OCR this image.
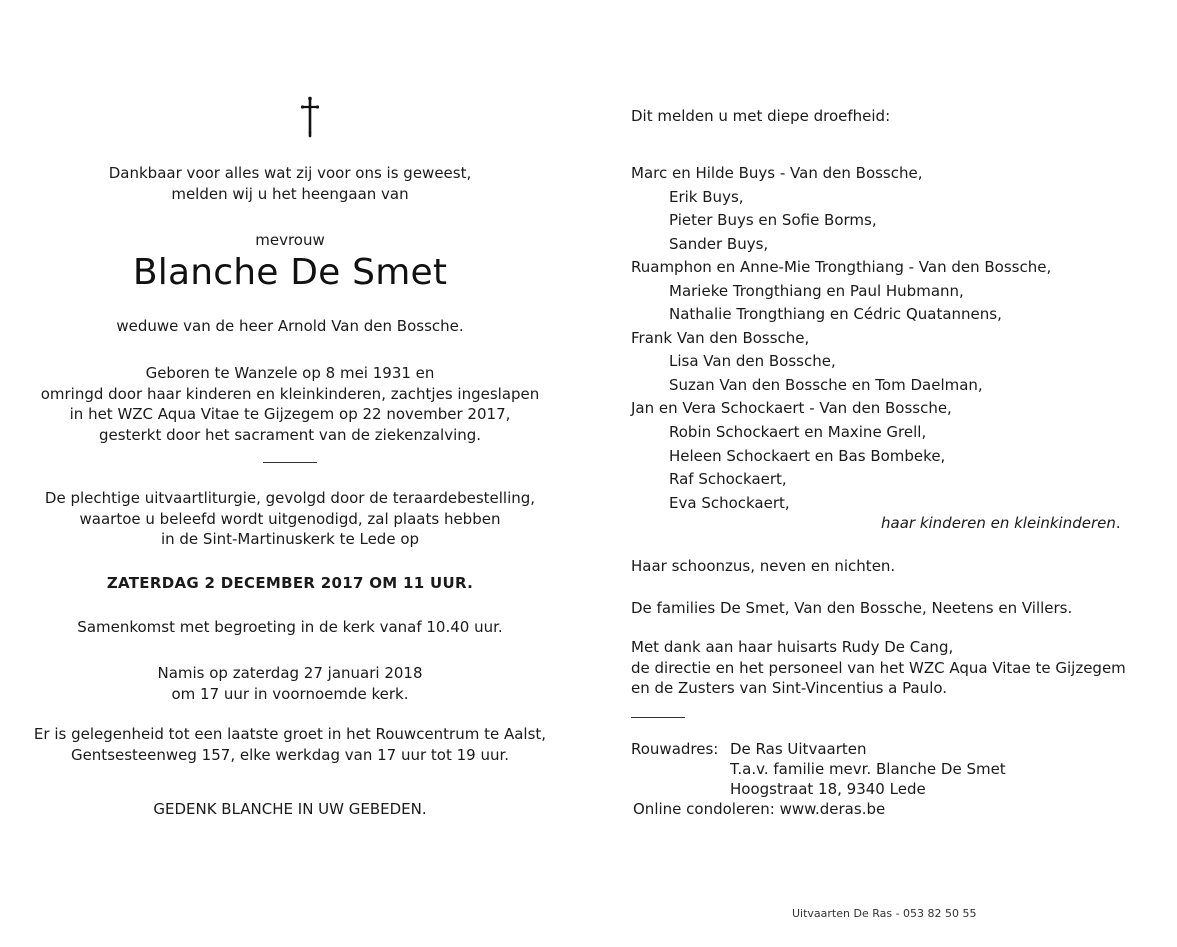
Dankbaar voor alles wat zij voor ons is geweest,
melden wij u het heengaan van
mevrouw
Blanche De Smet
weduwe van de heer Arnold Van den Bossche.
Geboren te Wanzele op 8 mei 1931 en
omringd door haar kinderen en kleinkinderen, zachtjes ingeslapen
in het WZC Aqua Vitae te Gijzegem op 22 november 2017,
gesterkt door het sacrament van de ziekenzalving.
De plechtige uitvaartliturgie, gevolgd door de teraardebestelling,
waartoe u beleefd wordt uitgenodigd, zal plaats hebben
in de Sint-Martinuskerk te Lede op
ZATERDAG 2 DECEMBER 2017 OM 11 UUR.
Samenkomst met begroeting in de kerk vanaf 10.40 uur.
Namis op zaterdag 27 januari 2018
om 17 uur in voornoemde kerk.
Er is gelegenheid tot een laatste groet in het Rouwcentrum te Aalst,
Gentsesteenweg 157, elke werkdag van 17 uur tot 19 uur.
GEDENK BLANCHE IN UW GEBEDEN.
Dit melden u met diepe droefheid:
Marc en Hilde Buys - Van den Bossche,
Erik Buys,
Pieter Buys en Sofie Borms,
Sander Buys,
Ruamphon en Anne-Mie Trongthiang - Van den Bossche,
Marieke Trongthiang en Paul Hubmann,
Nathalie Trongthiang en Cédric Quatannens,
Frank Van den Bossche,
Lisa Van den Bossche,
Suzan Van den Bossche en Tom Daelman,
Jan en Vera Schockaert - Van den Bossche,
Robin Schockaert en Maxine Grell,
Heleen Schockaert en Bas Bombeke,
Raf Schockaert,
Eva Schockaert,
haar kinderen en kleinkinderen.
Haar schoonzus, neven en nichten.
De families De Smet, Van den Bossche, Neetens en Villers.
Met dank aan haar huisarts Rudy De Cang,
de directie en het personeel van het WZC Aqua Vitae te Gijzegem
en de Zusters van Sint-Vincentius a Paulo.
Rouwadres: De Ras Uitvaarten
T.a.v. familie mevr. Blanche De Smet
Hoogstraat 18, 9340 Lede
Online condoleren: www.deras.be
Uitvaarten De Ras - 053 82 50 55
